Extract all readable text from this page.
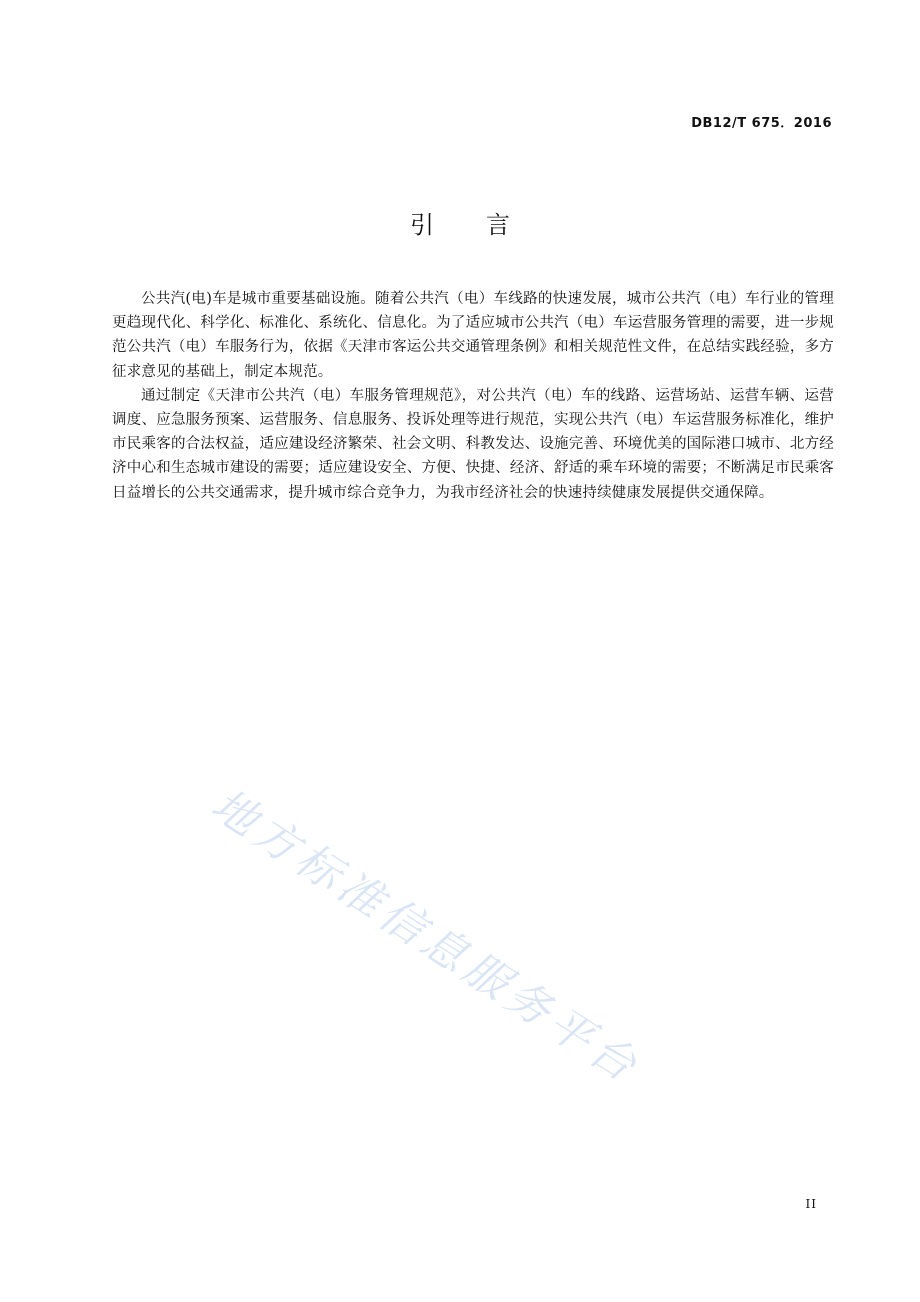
DB12/T 675．2016
引言

公共汽(电)车是城市重要基础设施。随着公共汽（电）车线路的快速发展，城市公共汽（电）车行业的管理更趋现代化、科学化、标准化、系统化、信息化。为了适应城市公共汽（电）车运营服务管理的需要，进一步规范公共汽（电）车服务行为，依据《天津市客运公共交通管理条例》和相关规范性文件，在总结实践经验，多方征求意见的基础上，制定本规范。

通过制定《天津市公共汽（电）车服务管理规范》，对公共汽（电）车的线路、运营场站、运营车辆、运营调度、应急服务预案、运营服务、信息服务、投诉处理等进行规范，实现公共汽（电）车运营服务标准化，维护市民乘客的合法权益，适应建设经济繁荣、社会文明、科教发达、设施完善、环境优美的国际港口城市、北方经济中心和生态城市建设的需要；适应建设安全、方便、快捷、经济、舒适的乘车环境的需要；不断满足市民乘客日益增长的公共交通需求，提升城市综合竞争力，为我市经济社会的快速持续健康发展提供交通保障。

地方标准信息服务平台
II
